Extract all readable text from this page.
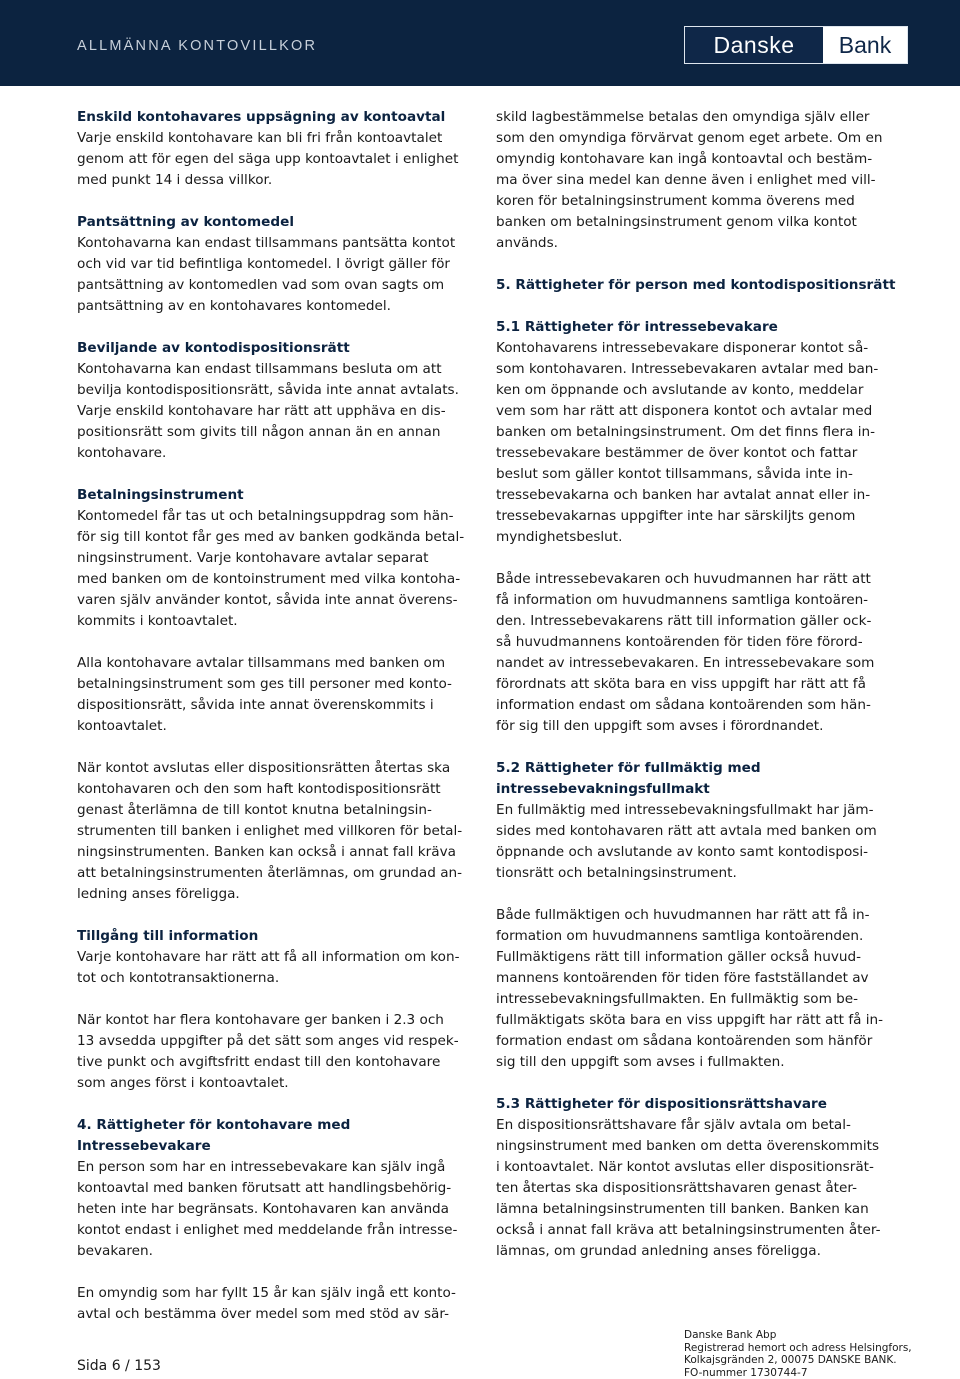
ALLMÄNNA KONTOVILLKOR	Danske	Bank
Enskild kontohavares uppsägning av kontoavtal
Varje enskild kontohavare kan bli fri från kontoavtalet
genom att för egen del säga upp kontoavtalet i enlighet
med punkt 14 i dessa villkor.
Pantsättning av kontomedel
Kontohavarna kan endast tillsammans pantsätta kontot
och vid var tid befintliga kontomedel. I övrigt gäller för
pantsättning av kontomedlen vad som ovan sagts om
pantsättning av en kontohavares kontomedel.
Beviljande av kontodispositionsrätt
Kontohavarna kan endast tillsammans besluta om att
bevilja kontodispositionsrätt, såvida inte annat avtalats.
Varje enskild kontohavare har rätt att upphäva en dis-
positionsrätt som givits till någon annan än en annan
kontohavare.
Betalningsinstrument
Kontomedel får tas ut och betalningsuppdrag som hän-
för sig till kontot får ges med av banken godkända betal-
ningsinstrument. Varje kontohavare avtalar separat
med banken om de kontoinstrument med vilka kontoha-
varen själv använder kontot, såvida inte annat överens-
kommits i kontoavtalet.
Alla kontohavare avtalar tillsammans med banken om
betalningsinstrument som ges till personer med konto-
dispositionsrätt, såvida inte annat överenskommits i
kontoavtalet.
När kontot avslutas eller dispositionsrätten återtas ska
kontohavaren och den som haft kontodispositionsrätt
genast återlämna de till kontot knutna betalningsin-
strumenten till banken i enlighet med villkoren för betal-
ningsinstrumenten. Banken kan också i annat fall kräva
att betalningsinstrumenten återlämnas, om grundad an-
ledning anses föreligga.
Tillgång till information
Varje kontohavare har rätt att få all information om kon-
tot och kontotransaktionerna.
När kontot har flera kontohavare ger banken i 2.3 och
13 avsedda uppgifter på det sätt som anges vid respek-
tive punkt och avgiftsfritt endast till den kontohavare
som anges först i kontoavtalet.
4. Rättigheter för kontohavare med Intressebevakare
En person som har en intressebevakare kan själv ingå
kontoavtal med banken förutsatt att handlingsbehörig-
heten inte har begränsats. Kontohavaren kan använda
kontot endast i enlighet med meddelande från intresse-
bevakaren.
En omyndig som har fyllt 15 år kan själv ingå ett konto-
avtal och bestämma över medel som med stöd av sär-
skild lagbestämmelse betalas den omyndiga själv eller
som den omyndiga förvärvat genom eget arbete. Om en
omyndig kontohavare kan ingå kontoavtal och bestäm-
ma över sina medel kan denne även i enlighet med vill-
koren för betalningsinstrument komma överens med
banken om betalningsinstrument genom vilka kontot
används.
5. Rättigheter för person med kontodispositionsrätt
5.1 Rättigheter för intressebevakare
Kontohavarens intressebevakare disponerar kontot så-
som kontohavaren. Intressebevakaren avtalar med ban-
ken om öppnande och avslutande av konto, meddelar
vem som har rätt att disponera kontot och avtalar med
banken om betalningsinstrument. Om det finns flera in-
tressebevakare bestämmer de över kontot och fattar
beslut som gäller kontot tillsammans, såvida inte in-
tressebevakarna och banken har avtalat annat eller in-
tressebevakarnas uppgifter inte har särskiljts genom
myndighetsbeslut.
Både intressebevakaren och huvudmannen har rätt att
få information om huvudmannens samtliga kontoären-
den. Intressebevakarens rätt till information gäller ock-
så huvudmannens kontoärenden för tiden före förord-
nandet av intressebevakaren. En intressebevakare som
förordnats att sköta bara en viss uppgift har rätt att få
information endast om sådana kontoärenden som hän-
för sig till den uppgift som avses i förordnandet.
5.2 Rättigheter för fullmäktig med
intressebevakningsfullmakt
En fullmäktig med intressebevakningsfullmakt har jäm-
sides med kontohavaren rätt att avtala med banken om
öppnande och avslutande av konto samt kontodisposi-
tionsrätt och betalningsinstrument.
Både fullmäktigen och huvudmannen har rätt att få in-
formation om huvudmannens samtliga kontoärenden.
Fullmäktigens rätt till information gäller också huvud-
mannens kontoärenden för tiden före fastställandet av
intressebevakningsfullmakten. En fullmäktig som be-
fullmäktigats sköta bara en viss uppgift har rätt att få in-
formation endast om sådana kontoärenden som hänför
sig till den uppgift som avses i fullmakten.
5.3 Rättigheter för dispositionsrättshavare
En dispositionsrättshavare får själv avtala om betal-
ningsinstrument med banken om detta överenskommits
i kontoavtalet. När kontot avslutas eller dispositionsrät-
ten återtas ska dispositionsrättshavaren genast åter-
lämna betalningsinstrumenten till banken. Banken kan
också i annat fall kräva att betalningsinstrumenten åter-
lämnas, om grundad anledning anses föreligga.
Sida 6 / 153
Danske Bank Abp
Registrerad hemort och adress Helsingfors,
Kolkajsgränden 2, 00075 DANSKE BANK.
FO-nummer 1730744-7
